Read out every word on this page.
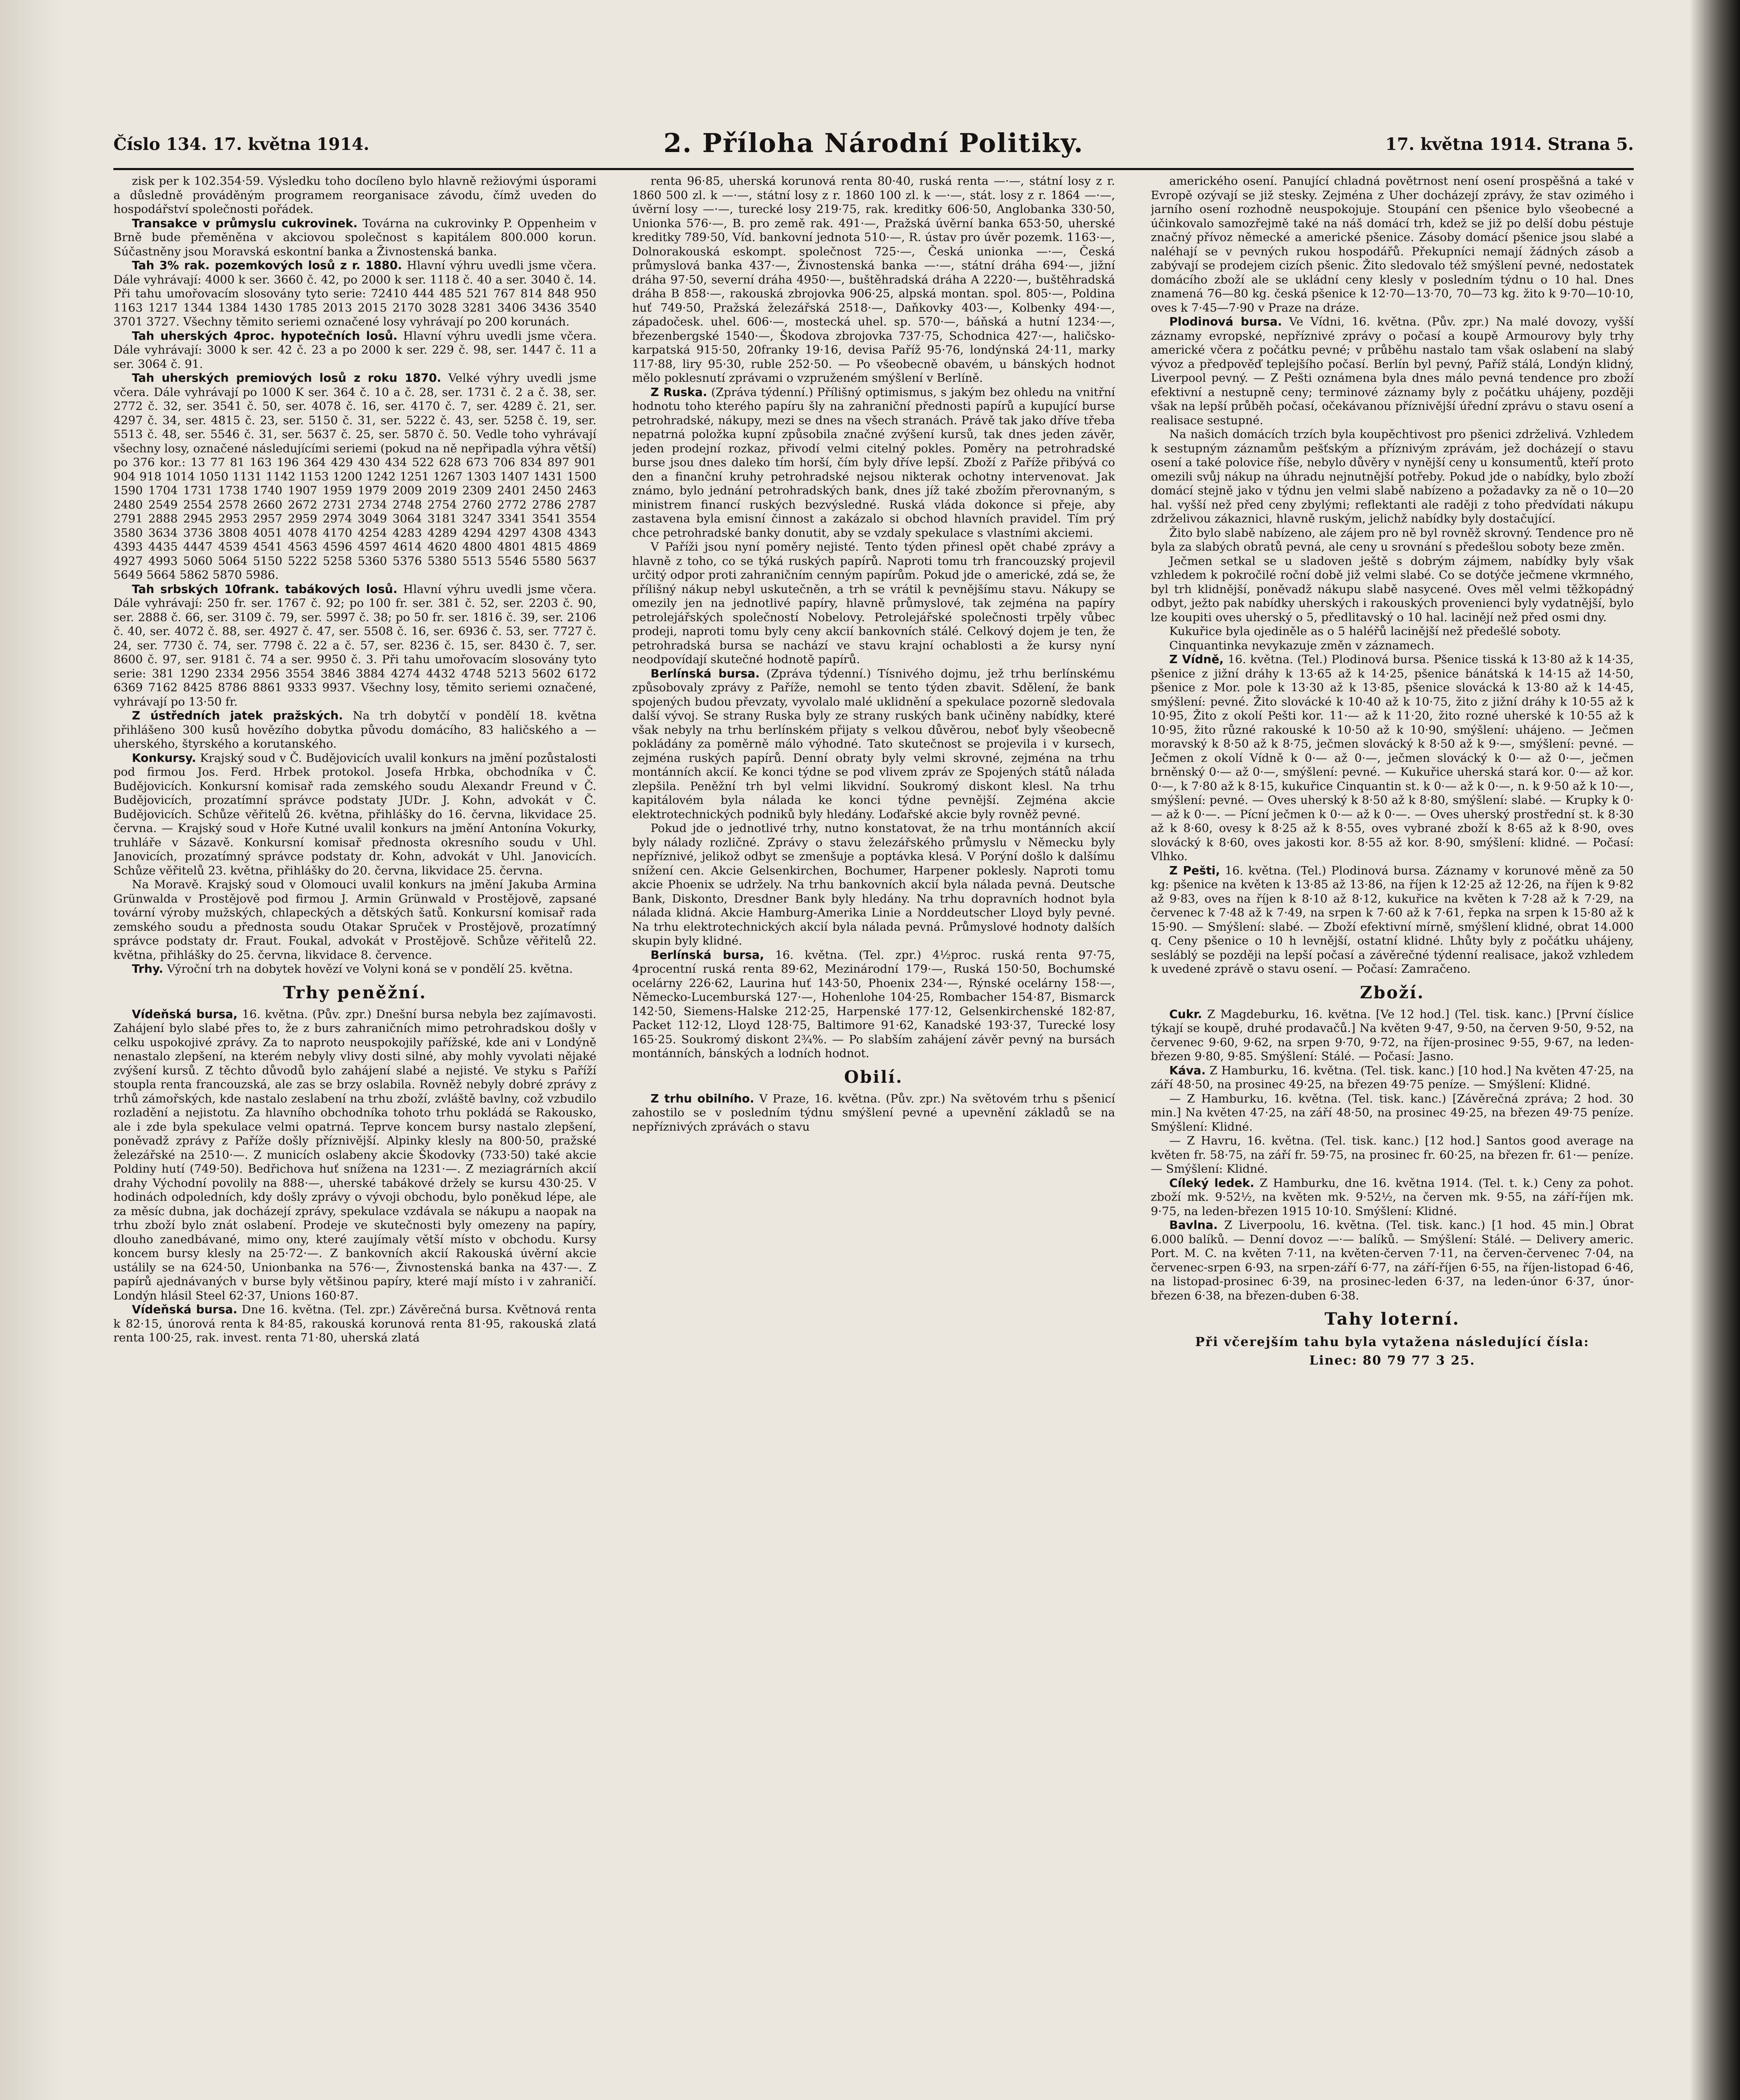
Číslo 134. 17. května 1914.	2. Příloha Národní Politiky.	17. května 1914. Strana 5.

zisk per k 102.354·59. Výsledku toho docíleno bylo hlavně režiovými úsporami a důsledně prováděným programem reorganisace závodu, čímž uveden do hospodářství společnosti pořádek.

Transakce v průmyslu cukrovinek. Továrna na cukrovinky P. Oppenheim v Brně bude přeměněna v akciovou společnost s kapitálem 800.000 korun. Súčastněny jsou Moravská eskontní banka a Živnostenská banka.

Tah 3% rak. pozemkových losů z r. 1880. Hlavní výhru uvedli jsme včera. Dále vyhrávají: 4000 k ser. 3660 č. 42, po 2000 k ser. 1118 č. 40 a ser. 3040 č. 14. Při tahu umořovacím slosovány tyto serie: 72410 444 485 521 767 814 848 950 1163 1217 1344 1384 1430 1785 2013 2015 2170 3028 3281 3406 3436 3540 3701 3727. Všechny těmito seriemi označené losy vyhrávají po 200 korunách.

Tah uherských 4proc. hypotečních losů. Hlavní výhru uvedli jsme včera. Dále vyhrávají: 3000 k ser. 42 č. 23 a po 2000 k ser. 229 č. 98, ser. 1447 č. 11 a ser. 3064 č. 91.

Tah uherských premiových losů z roku 1870. Velké výhry uvedli jsme včera. Dále vyhrávají po 1000 K ser. 364 č. 10 a č. 28, ser. 1731 č. 2 a č. 38, ser. 2772 č. 32, ser. 3541 č. 50, ser. 4078 č. 16, ser. 4170 č. 7, ser. 4289 č. 21, ser. 4297 č. 34, ser. 4815 č. 23, ser. 5150 č. 31, ser. 5222 č. 43, ser. 5258 č. 19, ser. 5513 č. 48, ser. 5546 č. 31, ser. 5637 č. 25, ser. 5870 č. 50. Vedle toho vyhrávají všechny losy, označené následujícími seriemi (pokud na ně nepřipadla výhra větší) po 376 kor.: 13 77 81 163 196 364 429 430 434 522 628 673 706 834 897 901 904 918 1014 1050 1131 1142 1153 1200 1242 1251 1267 1303 1407 1431 1500 1590 1704 1731 1738 1740 1907 1959 1979 2009 2019 2309 2401 2450 2463 2480 2549 2554 2578 2660 2672 2731 2734 2748 2754 2760 2772 2786 2787 2791 2888 2945 2953 2957 2959 2974 3049 3064 3181 3247 3341 3541 3554 3580 3634 3736 3808 4051 4078 4170 4254 4283 4289 4294 4297 4308 4343 4393 4435 4447 4539 4541 4563 4596 4597 4614 4620 4800 4801 4815 4869 4927 4993 5060 5064 5150 5222 5258 5360 5376 5380 5513 5546 5580 5637 5649 5664 5862 5870 5986.

Tah srbských 10frank. tabákových losů. Hlavní výhru uvedli jsme včera. Dále vyhrávají: 250 fr. ser. 1767 č. 92; po 100 fr. ser. 381 č. 52, ser. 2203 č. 90, ser. 2888 č. 66, ser. 3109 č. 79, ser. 5997 č. 38; po 50 fr. ser. 1816 č. 39, ser. 2106 č. 40, ser. 4072 č. 88, ser. 4927 č. 47, ser. 5508 č. 16, ser. 6936 č. 53, ser. 7727 č. 24, ser. 7730 č. 74, ser. 7798 č. 22 a č. 57, ser. 8236 č. 15, ser. 8430 č. 7, ser. 8600 č. 97, ser. 9181 č. 74 a ser. 9950 č. 3. Při tahu umořovacím slosovány tyto serie: 381 1290 2334 2956 3554 3846 3884 4274 4432 4748 5213 5602 6172 6369 7162 8425 8786 8861 9333 9937. Všechny losy, těmito seriemi označené, vyhrávají po 13·50 fr.

Z ústředních jatek pražských. Na trh dobytčí v pondělí 18. května přihlášeno 300 kusů hovězího dobytka původu domácího, 83 haličského a — uherského, štyrského a korutanského.

Konkursy. Krajský soud v Č. Budějovicích uvalil konkurs na jmění pozůstalosti pod firmou Jos. Ferd. Hrbek protokol. Josefa Hrbka, obchodníka v Č. Budějovicích. Konkursní komisař rada zemského soudu Alexandr Freund v Č. Budějovicích, prozatímní správce podstaty JUDr. J. Kohn, advokát v Č. Budějovicích. Schůze věřitelů 26. května, přihlášky do 16. června, likvidace 25. června. — Krajský soud v Hoře Kutné uvalil konkurs na jmění Antonína Vokurky, truhláře v Sázavě. Konkursní komisař přednosta okresního soudu v Uhl. Janovicích, prozatímný správce podstaty dr. Kohn, advokát v Uhl. Janovicích. Schůze věřitelů 23. května, přihlášky do 20. června, likvidace 25. června.

Na Moravě. Krajský soud v Olomouci uvalil konkurs na jmění Jakuba Armina Grünwalda v Prostějově pod firmou J. Armin Grünwald v Prostějově, zapsané tovární výroby mužských, chlapeckých a dětských šatů. Konkursní komisař rada zemského soudu a přednosta soudu Otakar Spruček v Prostějově, prozatímný správce podstaty dr. Fraut. Foukal, advokát v Prostějově. Schůze věřitelů 22. května, přihlášky do 25. června, likvidace 8. července.

Trhy. Výroční trh na dobytek hovězí ve Volyni koná se v pondělí 25. května.

Trhy peněžní.

Vídeňská bursa, 16. května. (Pův. zpr.) Dnešní bursa nebyla bez zajímavosti. Zahájení bylo slabé přes to, že z burs zahraničních mimo petrohradskou došly v celku uspokojivé zprávy. Za to naproto neuspokojily pařížské, kde ani v Londýně nenastalo zlepšení, na kterém nebyly vlivy dosti silné, aby mohly vyvolati nějaké zvýšení kursů. Z těchto důvodů bylo zahájení slabé a nejisté. Ve styku s Paříží stoupla renta francouzská, ale zas se brzy oslabila. Rovněž nebyly dobré zprávy z trhů zámořských, kde nastalo zeslabení na trhu zboží, zvláště bavlny, což vzbudilo rozladění a nejistotu. Za hlavního obchodníka tohoto trhu pokládá se Rakousko, ale i zde byla spekulace velmi opatrná. Teprve koncem bursy nastalo zlepšení, poněvadž zprávy z Paříže došly příznivější. Alpinky klesly na 800·50, pražské železářské na 2510·—. Z municích oslabeny akcie Škodovky (733·50) také akcie Poldiny hutí (749·50). Bedřichova huť snížena na 1231·—. Z meziagrárních akcií drahy Východní povolily na 888·—, uherské tabákové držely se kursu 430·25. V hodinách odpoledních, kdy došly zprávy o vývoji obchodu, bylo poněkud lépe, ale za měsíc dubna, jak docházejí zprávy, spekulace vzdávala se nákupu a naopak na trhu zboží bylo znát oslabení. Prodeje ve skutečnosti byly omezeny na papíry, dlouho zanedbávané, mimo ony, které zaujímaly větší místo v obchodu. Kursy koncem bursy klesly na 25·72·—. Z bankovních akcií Rakouská úvěrní akcie ustálily se na 624·50, Unionbanka na 576·—, Živnostenská banka na 437·—. Z papírů ajednávaných v burse byly většinou papíry, které mají místo i v zahraničí. Londýn hlásil Steel 62·37, Unions 160·87.

Vídeňská bursa. Dne 16. května. (Tel. zpr.) Závěrečná bursa. Květnová renta k 82·15, únorová renta k 84·85, rakouská korunová renta 81·95, rakouská zlatá renta 100·25, rak. invest. renta 71·80, uherská zlatá

renta 96·85, uherská korunová renta 80·40, ruská renta —·—, státní losy z r. 1860 500 zl. k —·—, státní losy z r. 1860 100 zl. k —·—, stát. losy z r. 1864 —·—, úvěrní losy —·—, turecké losy 219·75, rak. kreditky 606·50, Anglobanka 330·50, Unionka 576·—, B. pro země rak. 491·—, Pražská úvěrní banka 653·50, uherské kreditky 789·50, Víd. bankovní jednota 510·—, R. ústav pro úvěr pozemk. 1163·—, Dolnorakouská eskompt. společnost 725·—, Česká unionka —·—, Česká průmyslová banka 437·—, Živnostenská banka —·—, státní dráha 694·—, jižní dráha 97·50, severní dráha 4950·—, buštěhradská dráha A 2220·—, buštěhradská dráha B 858·—, rakouská zbrojovka 906·25, alpská montan. spol. 805·—, Poldina huť 749·50, Pražská železářská 2518·—, Daňkovky 403·—, Kolbenky 494·—, západočesk. uhel. 606·—, mostecká uhel. sp. 570·—, báňská a hutní 1234·—, březenbergské 1540·—, Škodova zbrojovka 737·75, Schodnica 427·—, haličsko-karpatská 915·50, 20franky 19·16, devisa Paříž 95·76, londýnská 24·11, marky 117·88, liry 95·30, ruble 252·50. — Po všeobecně obavém, u bánských hodnot mělo poklesnutí zprávami o vzpruženém smýšlení v Berlíně.

Z Ruska. (Zpráva týdenní.) Přílišný optimismus, s jakým bez ohledu na vnitřní hodnotu toho kterého papíru šly na zahraniční přednosti papírů a kupující burse petrohradské, nákupy, mezi se dnes na všech stranách. Právě tak jako dříve třeba nepatrná položka kupní způsobila značné zvýšení kursů, tak dnes jeden závěr, jeden prodejní rozkaz, přivodí velmi citelný pokles. Poměry na petrohradské burse jsou dnes daleko tím horší, čím byly dříve lepší. Zboží z Paříže přibývá co den a finanční kruhy petrohradské nejsou nikterak ochotny intervenovat. Jak známo, bylo jednání petrohradských bank, dnes jíž také zbožím přerovnaným, s ministrem financí ruských bezvýsledné. Ruská vláda dokonce si přeje, aby zastavena byla emisní činnost a zakázalo si obchod hlavních pravidel. Tím prý chce petrohradské banky donutit, aby se vzdaly spekulace s vlastními akciemi.

V Paříži jsou nyní poměry nejisté. Tento týden přinesl opět chabé zprávy a hlavně z toho, co se týká ruských papírů. Naproti tomu trh francouzský projevil určitý odpor proti zahraničním cenným papírům. Pokud jde o americké, zdá se, že přílišný nákup nebyl uskutečněn, a trh se vrátil k pevnějšímu stavu. Nákupy se omezily jen na jednotlivé papíry, hlavně průmyslové, tak zejména na papíry petrolejářských společností Nobelovy. Petrolejářské společnosti trpěly vůbec prodeji, naproti tomu byly ceny akcií bankovních stálé. Celkový dojem je ten, že petrohradská bursa se nachází ve stavu krajní ochablosti a že kursy nyní neodpovídají skutečné hodnotě papírů.

Berlínská bursa. (Zpráva týdenní.) Tísnivého dojmu, jež trhu berlínskému způsobovaly zprávy z Paříže, nemohl se tento týden zbavit. Sdělení, že bank spojených budou převzaty, vyvolalo malé uklidnění a spekulace pozorně sledovala další vývoj. Se strany Ruska byly ze strany ruských bank učiněny nabídky, které však nebyly na trhu berlínském přijaty s velkou důvěrou, neboť byly všeobecně pokládány za poměrně málo výhodné. Tato skutečnost se projevila i v kursech, zejména ruských papírů. Denní obraty byly velmi skrovné, zejména na trhu montánních akcií. Ke konci týdne se pod vlivem zpráv ze Spojených států nálada zlepšila. Peněžní trh byl velmi likvidní. Soukromý diskont klesl. Na trhu kapitálovém byla nálada ke konci týdne pevnější. Zejména akcie elektrotechnických podniků byly hledány. Loďařské akcie byly rovněž pevné.

Pokud jde o jednotlivé trhy, nutno konstatovat, že na trhu montánních akcií byly nálady rozličné. Zprávy o stavu železářského průmyslu v Německu byly nepříznivé, jelikož odbyt se zmenšuje a poptávka klesá. V Porýní došlo k dalšímu snížení cen. Akcie Gelsenkirchen, Bochumer, Harpener poklesly. Naproti tomu akcie Phoenix se udržely. Na trhu bankovních akcií byla nálada pevná. Deutsche Bank, Diskonto, Dresdner Bank byly hledány. Na trhu dopravních hodnot byla nálada klidná. Akcie Hamburg-Amerika Linie a Norddeutscher Lloyd byly pevné. Na trhu elektrotechnických akcií byla nálada pevná. Průmyslové hodnoty dalších skupin byly klidné.

Berlínská bursa, 16. května. (Tel. zpr.) 4½proc. ruská renta 97·75, 4procentní ruská renta 89·62, Mezinárodní 179·—, Ruská 150·50, Bochumské ocelárny 226·62, Laurina huť 143·50, Phoenix 234·—, Rýnské ocelárny 158·—, Německo-Lucemburská 127·—, Hohenlohe 104·25, Rombacher 154·87, Bismarck 142·50, Siemens-Halske 212·25, Harpenské 177·12, Gelsenkirchenské 182·87, Packet 112·12, Lloyd 128·75, Baltimore 91·62, Kanadské 193·37, Turecké losy 165·25. Soukromý diskont 2¾%. — Po slabším zahájení závěr pevný na bursách montánních, bánských a lodních hodnot.

Obilí.

Z trhu obilního. V Praze, 16. května. (Pův. zpr.) Na světovém trhu s pšenicí zahostilo se v posledním týdnu smýšlení pevné a upevnění základů se na nepříznivých zprávách o stavu

amerického osení. Panující chladná povětrnost není osení prospěšná a také v Evropě ozývají se již stesky. Zejména z Uher docházejí zprávy, že stav ozimého i jarního osení rozhodně neuspokojuje. Stoupání cen pšenice bylo všeobecné a účinkovalo samozřejmě také na náš domácí trh, kdež se již po delší dobu péstuje značný přívoz německé a americké pšenice. Zásoby domácí pšenice jsou slabé a naléhají se v pevných rukou hospodářů. Překupníci nemají žádných zásob a zabývají se prodejem cizích pšenic. Žito sledovalo též smýšlení pevné, nedostatek domácího zboží ale se ukládní ceny klesly v posledním týdnu o 10 hal. Dnes znamená 76—80 kg. česká pšenice k 12·70—13·70, 70—73 kg. žito k 9·70—10·10, oves k 7·45—7·90 v Praze na dráze.

Plodinová bursa. Ve Vídni, 16. května. (Pův. zpr.) Na malé dovozy, vyšší záznamy evropské, nepříznivé zprávy o počasí a koupě Armourovy byly trhy americké včera z počátku pevné; v průběhu nastalo tam však oslabení na slabý vývoz a předpověď teplejšího počasí. Berlín byl pevný, Paříž stálá, Londýn klidný, Liverpool pevný. — Z Pešti oznámena byla dnes málo pevná tendence pro zboží efektivní a nestupně ceny; terminové záznamy byly z počátku uhájeny, později však na lepší průběh počasí, očekávanou příznivější úřední zprávu o stavu osení a realisace sestupné.

Na našich domácích trzích byla koupěchtivost pro pšenici zdrželivá. Vzhledem k sestupným záznamům pešťským a příznivým zprávám, jež docházejí o stavu osení a také polovice říše, nebylo důvěry v nynější ceny u konsumentů, kteří proto omezili svůj nákup na úhradu nejnutnější potřeby. Pokud jde o nabídky, bylo zboží domácí stejně jako v týdnu jen velmi slabě nabízeno a požadavky za ně o 10—20 hal. vyšší než před ceny zbylými; reflektanti ale raději z toho předvídati nákupu zdrželivou zákaznici, hlavně ruským, jelichž nabídky byly dostačující.

Žito bylo slabě nabízeno, ale zájem pro ně byl rovněž skrovný. Tendence pro ně byla za slabých obratů pevná, ale ceny u srovnání s předešlou soboty beze změn.

Ječmen setkal se u sladoven ještě s dobrým zájmem, nabídky byly však vzhledem k pokročilé roční době již velmi slabé. Co se dotýče ječmene vkrmného, byl trh klidnější, poněvadž nákupu slabě nasycené. Oves měl velmi těžkopádný odbyt, ježto pak nabídky uherských i rakouských provenienci byly vydatnější, bylo lze koupiti oves uherský o 5, předlitavský o 10 hal. lacinějí než před osmi dny.

Kukuřice byla ojediněle as o 5 haléřů lacinější než předešlé soboty.

Cinquantinka nevykazuje změn v záznamech.

Z Vídně, 16. května. (Tel.) Plodinová bursa. Pšenice tisská k 13·80 až k 14·35, pšenice z jižní dráhy k 13·65 až k 14·25, pšenice bánátská k 14·15 až 14·50, pšenice z Mor. pole k 13·30 až k 13·85, pšenice slovácká k 13·80 až k 14·45, smýšlení: pevné. Žito slovácké k 10·40 až k 10·75, žito z jižní dráhy k 10·55 až k 10·95, Žito z okolí Pešti kor. 11·— až k 11·20, žito rozné uherské k 10·55 až k 10·95, žito různé rakouské k 10·50 až k 10·90, smýšlení: uhájeno. — Ječmen moravský k 8·50 až k 8·75, ječmen slovácký k 8·50 až k 9·—, smýšlení: pevné. — Ječmen z okolí Vídně k 0·— až 0·—, ječmen slovácký k 0·— až 0·—, ječmen brněnský 0·— až 0·—, smýšlení: pevné. — Kukuřice uherská stará kor. 0·— až kor. 0·—, k 7·80 až k 8·15, kukuřice Cinquantin st. k 0·— až k 0·—, n. k 9·50 až k 10·—, smýšlení: pevné. — Oves uherský k 8·50 až k 8·80, smýšlení: slabé. — Krupky k 0·— až k 0·—. — Pícní ječmen k 0·— až k 0·—. — Oves uherský prostřední st. k 8·30 až k 8·60, ovesy k 8·25 až k 8·55, oves vybrané zboží k 8·65 až k 8·90, oves slovácký k 8·60, oves jakosti kor. 8·55 až kor. 8·90, smýšlení: klidné. — Počasí: Vlhko.

Z Pešti, 16. května. (Tel.) Plodinová bursa. Záznamy v korunové měně za 50 kg: pšenice na květen k 13·85 až 13·86, na říjen k 12·25 až 12·26, na říjen k 9·82 až 9·83, oves na říjen k 8·10 až 8·12, kukuřice na květen k 7·28 až k 7·29, na červenec k 7·48 až k 7·49, na srpen k 7·60 až k 7·61, řepka na srpen k 15·80 až k 15·90. — Smýšlení: slabé. — Zboží efektivní mírně, smýšlení klidné, obrat 14.000 q. Ceny pšenice o 10 h levnější, ostatní klidné. Lhůty byly z počátku uhájeny, sesláblý se později na lepší počasí a závěrečné týdenní realisace, jakož vzhledem k uvedené zprávě o stavu osení. — Počasí: Zamračeno.

Zboží.

Cukr. Z Magdeburku, 16. května. [Ve 12 hod.] (Tel. tisk. kanc.) [První číslice týkají se koupě, druhé prodavačů.] Na květen 9·47, 9·50, na červen 9·50, 9·52, na červenec 9·60, 9·62, na srpen 9·70, 9·72, na říjen-prosinec 9·55, 9·67, na leden-březen 9·80, 9·85. Smýšlení: Stálé. — Počasí: Jasno.

Káva. Z Hamburku, 16. května. (Tel. tisk. kanc.) [10 hod.] Na květen 47·25, na září 48·50, na prosinec 49·25, na březen 49·75 peníze. — Smýšlení: Klidné.

— Z Hamburku, 16. května. (Tel. tisk. kanc.) [Závěrečná zpráva; 2 hod. 30 min.] Na květen 47·25, na září 48·50, na prosinec 49·25, na březen 49·75 peníze. Smýšlení: Klidné.

— Z Havru, 16. května. (Tel. tisk. kanc.) [12 hod.] Santos good average na květen fr. 58·75, na září fr. 59·75, na prosinec fr. 60·25, na březen fr. 61·— peníze. — Smýšlení: Klidné.

Cíleký ledek. Z Hamburku, dne 16. května 1914. (Tel. t. k.) Ceny za pohot. zboží mk. 9·52½, na květen mk. 9·52½, na červen mk. 9·55, na září-říjen mk. 9·75, na leden-březen 1915 10·10. Smýšlení: Klidné.

Bavlna. Z Liverpoolu, 16. května. (Tel. tisk. kanc.) [1 hod. 45 min.] Obrat 6.000 balíků. — Denní dovoz —·— balíků. — Smýšlení: Stálé. — Delivery americ. Port. M. C. na květen 7·11, na květen-červen 7·11, na červen-červenec 7·04, na červenec-srpen 6·93, na srpen-září 6·77, na září-říjen 6·55, na říjen-listopad 6·46, na listopad-prosinec 6·39, na prosinec-leden 6·37, na leden-únor 6·37, únor-březen 6·38, na březen-duben 6·38.

Tahy loterní.
Při včerejším tahu byla vytažena následující čísla:
Linec: 80 79 77 3 25.
